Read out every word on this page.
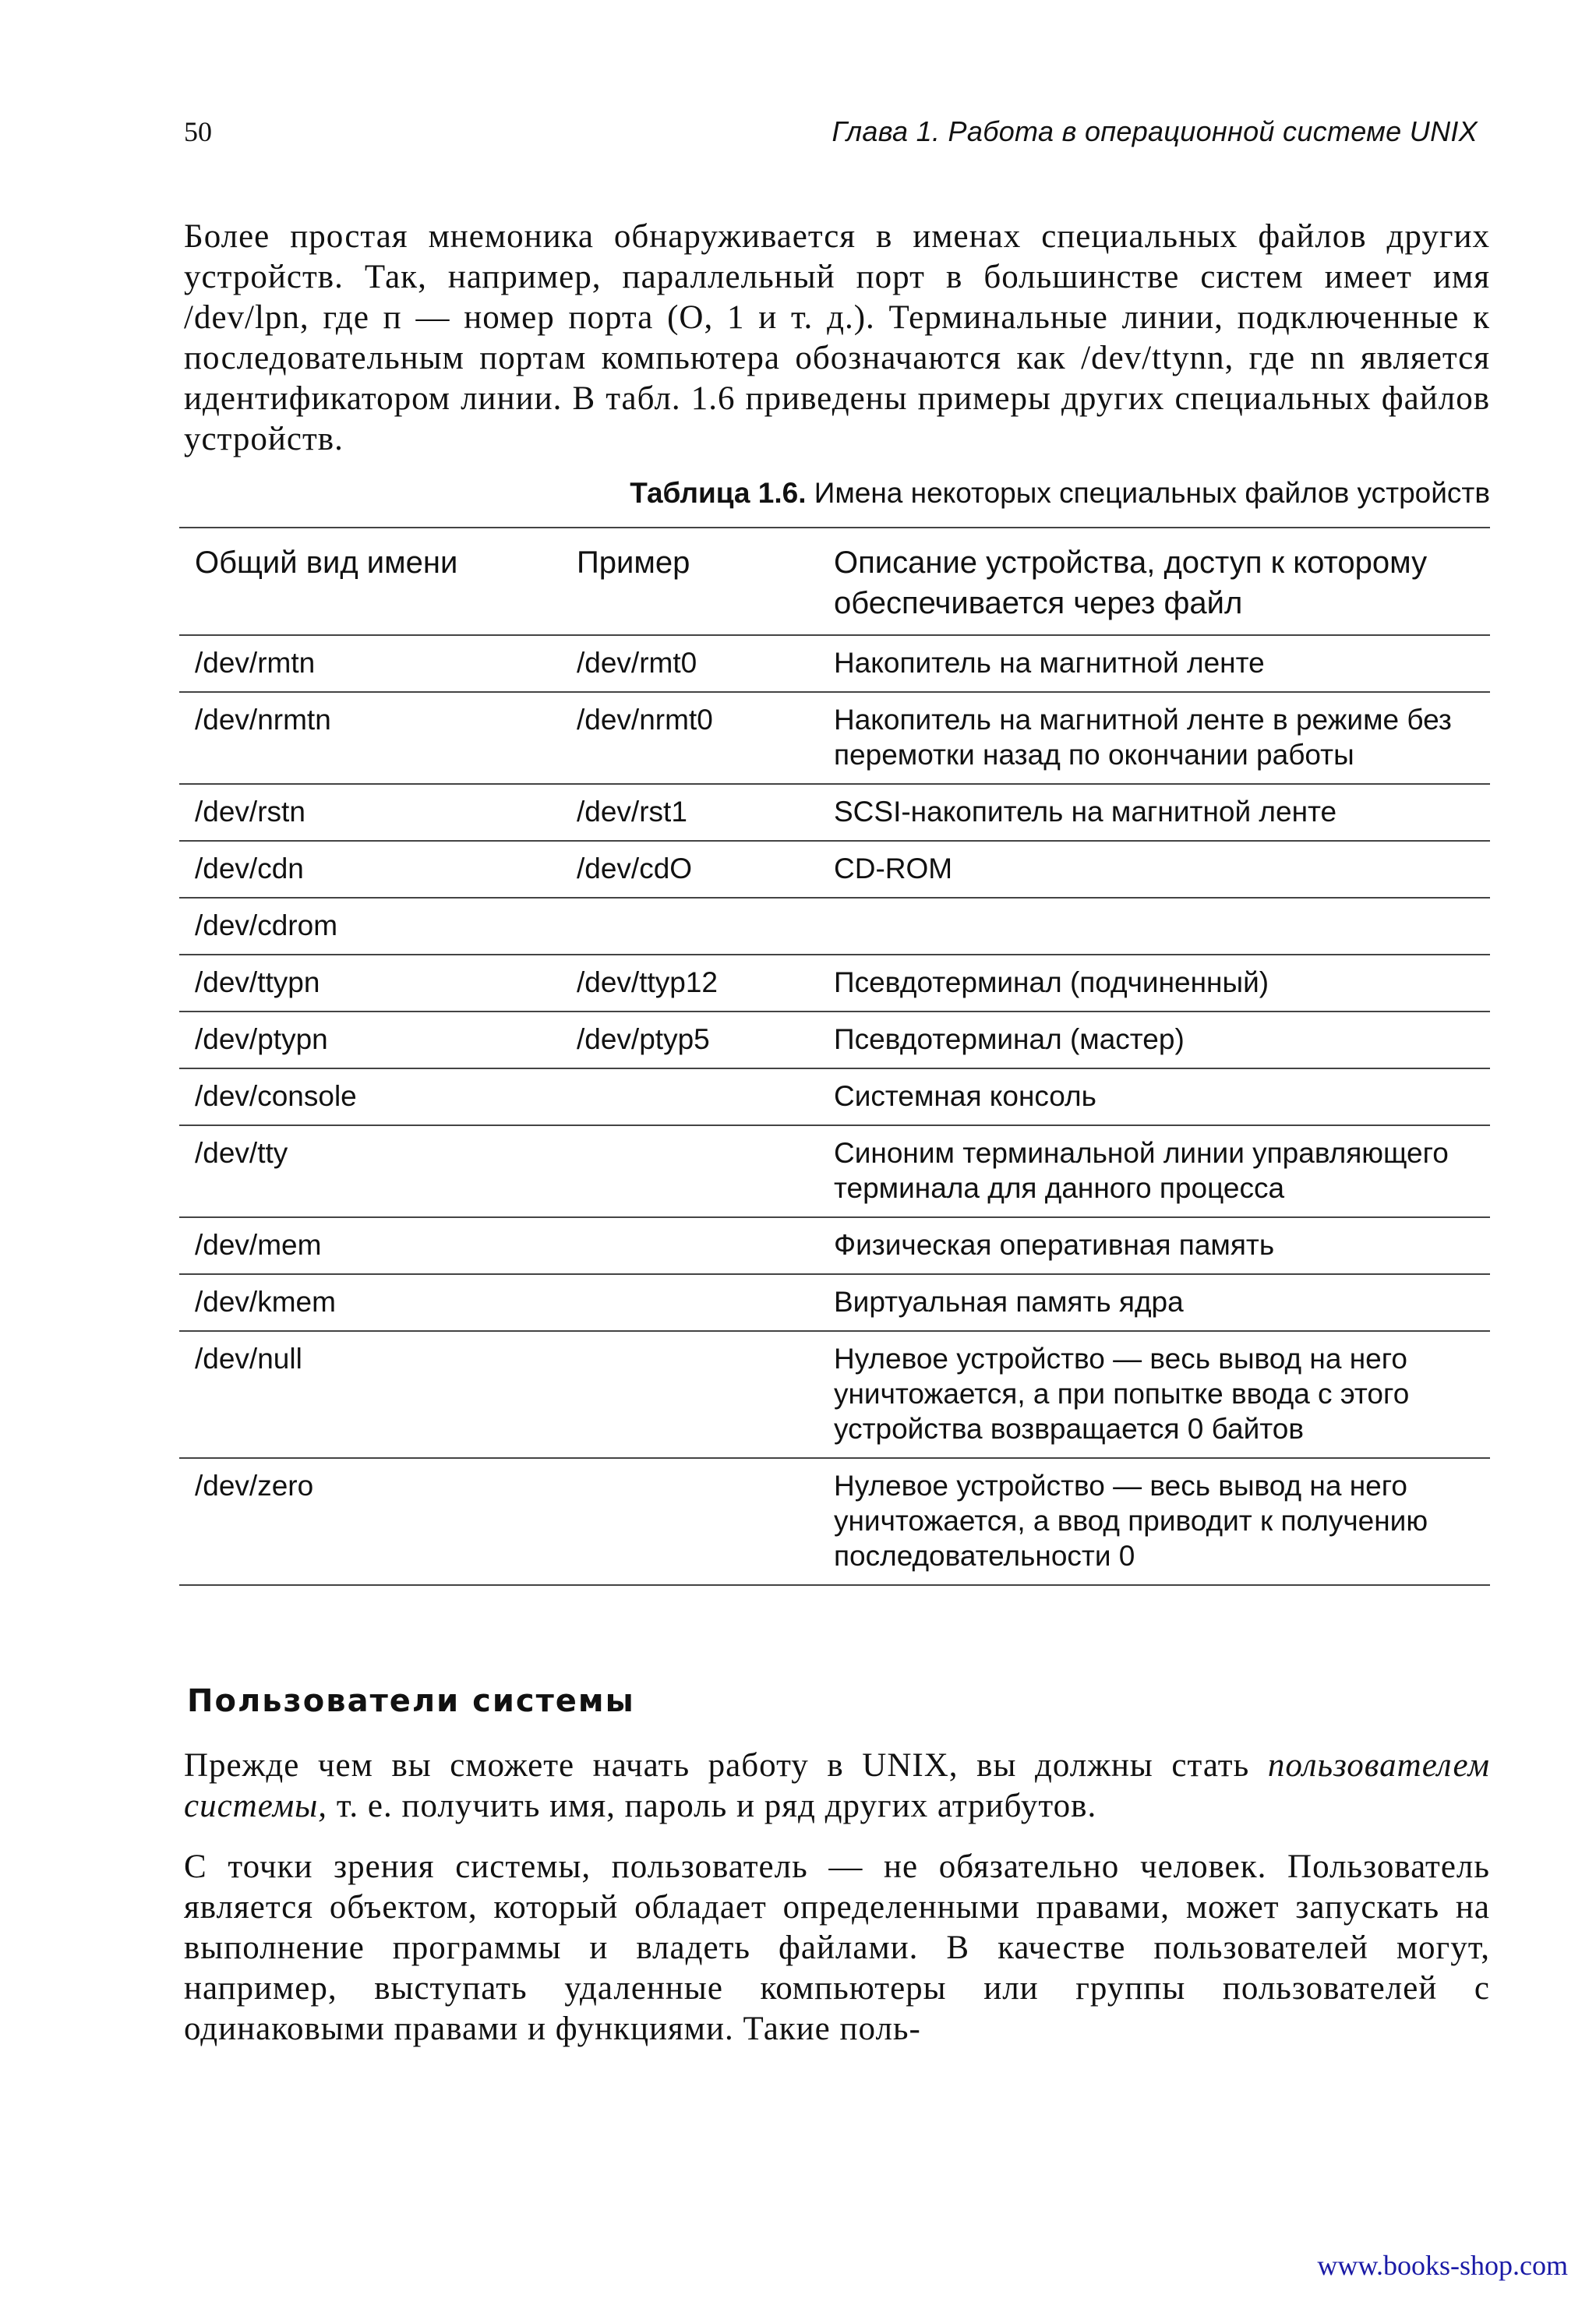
50	Глава 1. Работа в операционной системе UNIX

Более простая мнемоника обнаруживается в именах специальных файлов других устройств. Так, например, параллельный порт в большинстве систем имеет имя /dev/lpn, где п — номер порта (О, 1 и т. д.). Терминальные линии, подключенные к последовательным портам компьютера обозначаются как /dev/ttynn, где nn является идентификатором линии. В табл. 1.6 приведены примеры других специальных файлов устройств.

Таблица 1.6. Имена некоторых специальных файлов устройств
Общий вид имени	Пример	Описание устройства, доступ к которому обеспечивается через файл
/dev/rmtn	/dev/rmt0	Накопитель на магнитной ленте
/dev/nrmtn	/dev/nrmt0	Накопитель на магнитной ленте в режиме без перемотки назад по окончании работы
/dev/rstn	/dev/rst1	SCSI-накопитель на магнитной ленте
/dev/cdn	/dev/cdO	CD-ROM
/dev/cdrom		
/dev/ttypn	/dev/ttyp12	Псевдотерминал (подчиненный)
/dev/ptypn	/dev/ptyp5	Псевдотерминал (мастер)
/dev/console		Системная консоль
/dev/tty		Синоним терминальной линии управляющего терминала для данного процесса
/dev/mem		Физическая оперативная память
/dev/kmem		Виртуальная память ядра
/dev/null		Нулевое устройство — весь вывод на него уничтожается, а при попытке ввода с этого устройства возвращается 0 байтов
/dev/zero		Нулевое устройство — весь вывод на него уничтожается, а ввод приводит к получению последовательности 0
Пользователи системы

Прежде чем вы сможете начать работу в UNIX, вы должны стать пользователем системы, т. е. получить имя, пароль и ряд других атрибутов.

С точки зрения системы, пользователь — не обязательно человек. Пользователь является объектом, который обладает определенными правами, может запускать на выполнение программы и владеть файлами. В качестве пользователей могут, например, выступать удаленные компьютеры или группы пользователей с одинаковыми правами и функциями. Такие поль-

www.books-shop.com
